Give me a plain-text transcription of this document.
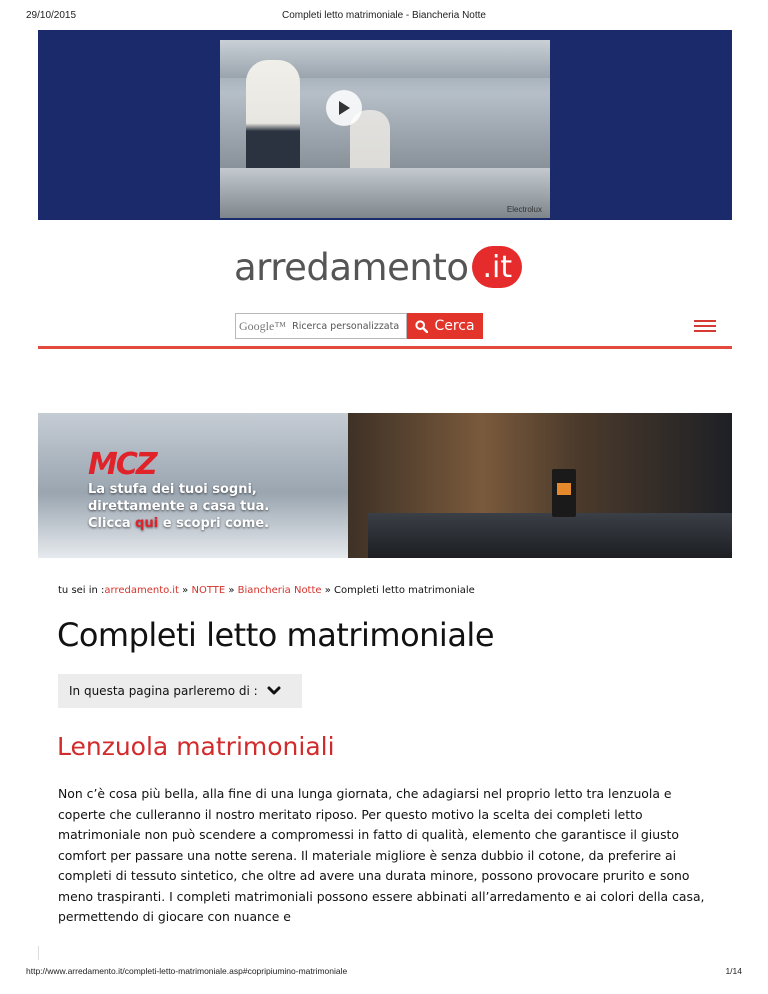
29/10/2015	Completi letto matrimoniale - Biancheria Notte
Electrolux
arredamento .it
Google™ Ricerca personalizzata	Cerca
MCZ
La stufa dei tuoi sogni,
direttamente a casa tua.
Clicca qui e scopri come.
tu sei in :arredamento.it » NOTTE » Biancheria Notte » Completi letto matrimoniale
Completi letto matrimoniale
In questa pagina parleremo di :
Lenzuola matrimoniali

Non c’è cosa più bella, alla fine di una lunga giornata, che adagiarsi nel proprio letto tra lenzuola e coperte che culleranno il nostro meritato riposo. Per questo motivo la scelta dei completi letto matrimoniale non può scendere a compromessi in fatto di qualità, elemento che garantisce il giusto comfort per passare una notte serena. Il materiale migliore è senza dubbio il cotone, da preferire ai completi di tessuto sintetico, che oltre ad avere una durata minore, possono provocare prurito e sono meno traspiranti. I completi matrimoniali possono essere abbinati all’arredamento e ai colori della casa, permettendo di giocare con nuance e

http://www.arredamento.it/completi-letto-matrimoniale.asp#copripiumino-matrimoniale	1/14
